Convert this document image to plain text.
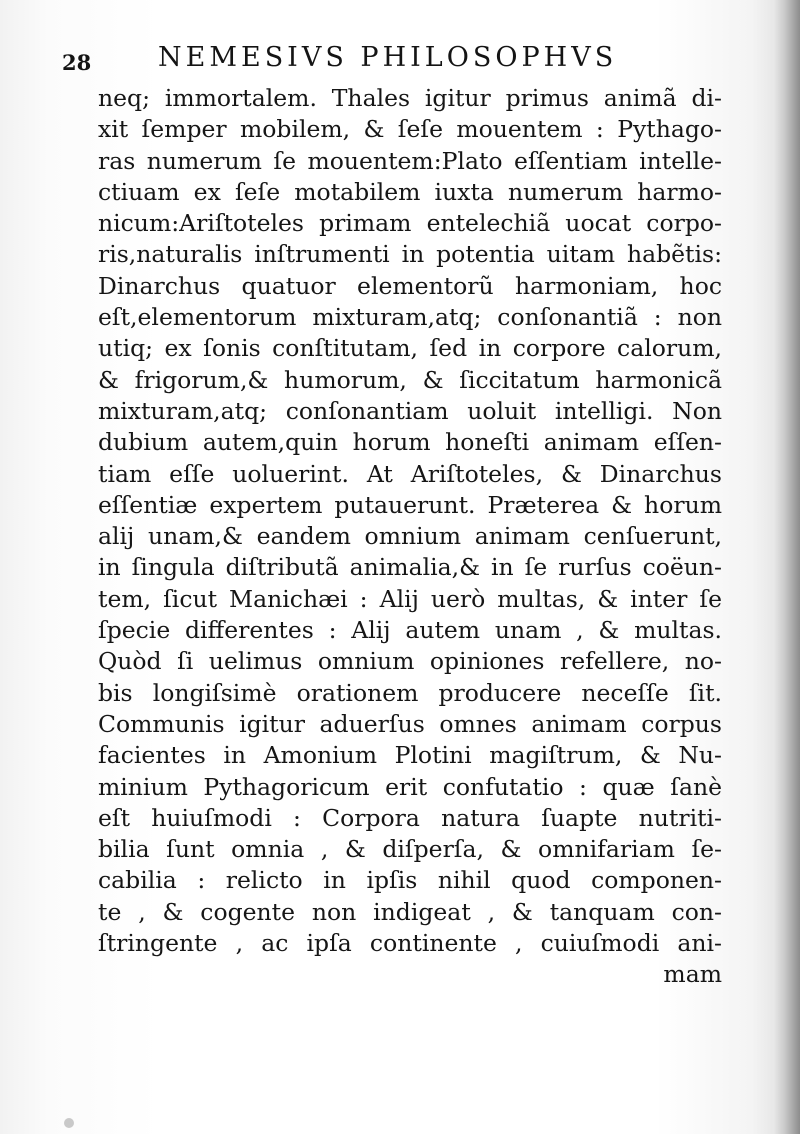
28 NEMESIVS PHILOSOPHVS
neq; immortalem. Thales igitur primus animã di-
xit ſemper mobilem, & ſeſe mouentem : Pythago-
ras numerum ſe mouentem:Plato eſſentiam intelle-
ctiuam ex ſeſe motabilem iuxta numerum harmo-
nicum:Ariſtoteles primam entelechiã uocat corpo-
ris,naturalis inſtrumenti in potentia uitam habẽtis:
Dinarchus quatuor elementorũ harmoniam, hoc
eſt,elementorum mixturam,atq; conſonantiã : non
utiq; ex ſonis conſtitutam, ſed in corpore calorum,
& frigorum,& humorum, & ſiccitatum harmonicã
mixturam,atq; conſonantiam uoluit intelligi. Non
dubium autem,quin horum honeſti animam eſſen-
tiam eſſe uoluerint. At Ariſtoteles, & Dinarchus
eſſentiæ expertem putauerunt. Præterea & horum
alij unam,& eandem omnium animam cenſuerunt,
in ſingula diſtributã animalia,& in ſe rurſus coëun-
tem, ſicut Manichæi : Alij uerò multas, & inter ſe
ſpecie differentes : Alij autem unam , & multas.
Quòd ſi uelimus omnium opiniones refellere, no-
bis longiſsimè orationem producere neceſſe ſit.
Communis igitur aduerſus omnes animam corpus
facientes in Amonium Plotini magiſtrum, & Nu-
minium Pythagoricum erit confutatio : quæ ſanè
eſt huiuſmodi : Corpora natura ſuapte nutriti-
bilia ſunt omnia , & diſperſa, & omnifariam ſe-
cabilia : relicto in ipſis nihil quod componen-
te , & cogente non indigeat , & tanquam con-
ſtringente , ac ipſa continente , cuiuſmodi ani-
mam
